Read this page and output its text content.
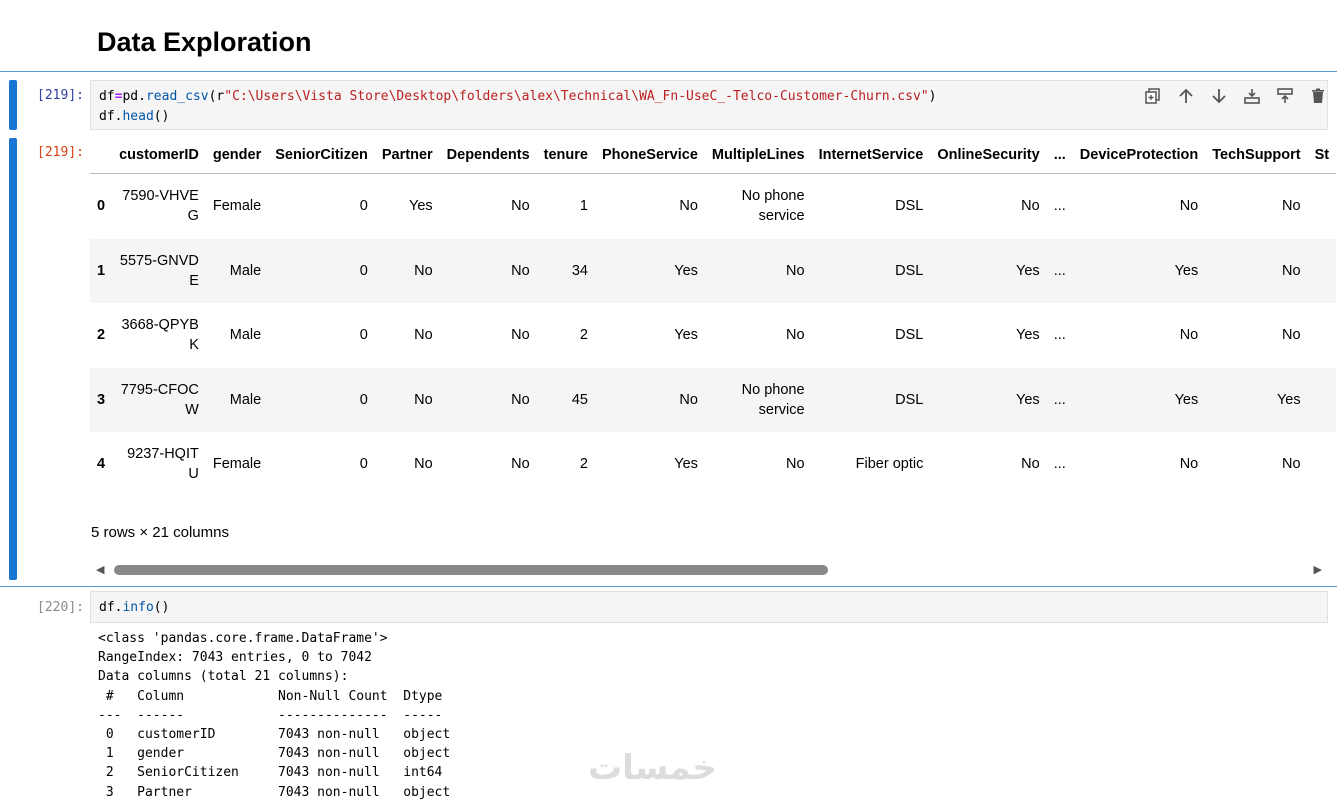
Data Exploration
[219]:	df=pd.read_csv(r"C:\Users\Vista Store\Desktop\folders\alex\Technical\WA_Fn-UseC_-Telco-Customer-Churn.csv")
df.head()
[219]:
	customerID	gender	SeniorCitizen	Partner	Dependents	tenure	PhoneService	MultipleLines	InternetService	OnlineSecurity	...	DeviceProtection	TechSupport	St
0	7590-VHVEG	Female	0	Yes	No	1	No	No phone service	DSL	No	...	No	No	
1	5575-GNVDE	Male	0	No	No	34	Yes	No	DSL	Yes	...	Yes	No	
2	3668-QPYBK	Male	0	No	No	2	Yes	No	DSL	Yes	...	No	No	
3	7795-CFOCW	Male	0	No	No	45	No	No phone service	DSL	Yes	...	Yes	Yes	
4	9237-HQITU	Female	0	No	No	2	Yes	No	Fiber optic	No	...	No	No	
5 rows × 21 columns
◀	▶
[220]:	df.info()
<class 'pandas.core.frame.DataFrame'>
RangeIndex: 7043 entries, 0 to 7042
Data columns (total 21 columns):
#   Column            Non-Null Count  Dtype
---  ------            --------------  -----
0   customerID        7043 non-null   object
1   gender            7043 non-null   object
2   SeniorCitizen     7043 non-null   int64
3   Partner           7043 non-null   object
خمسات
